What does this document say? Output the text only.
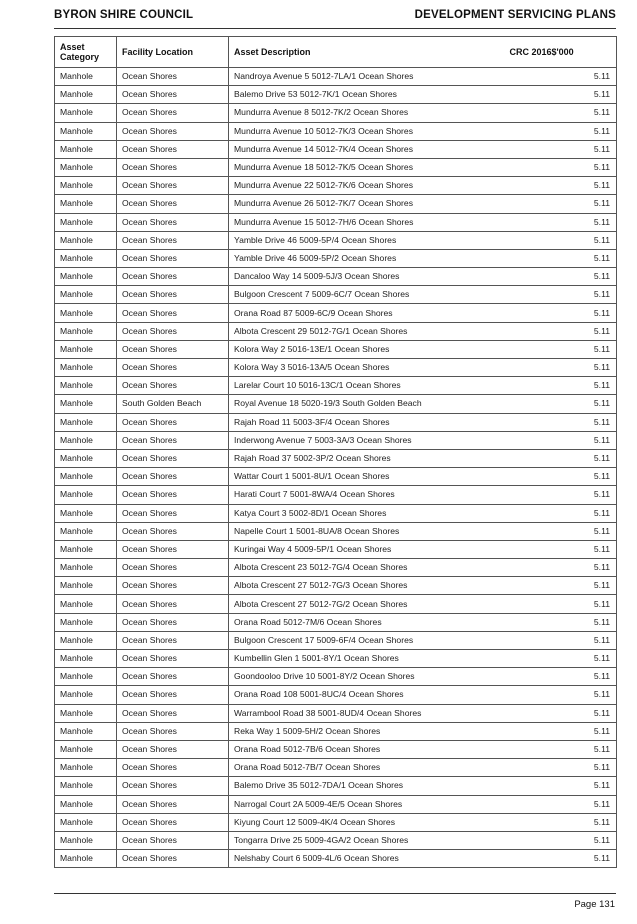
BYRON SHIRE COUNCIL	DEVELOPMENT SERVICING PLANS
Asset
Category	Facility Location	Asset Description	CRC 2016$'000
Manhole	Ocean Shores	Nandroya Avenue 5 5012-7LA/1 Ocean Shores	5.11
Manhole	Ocean Shores	Balemo Drive 53 5012-7K/1 Ocean Shores	5.11
Manhole	Ocean Shores	Mundurra Avenue 8 5012-7K/2 Ocean Shores	5.11
Manhole	Ocean Shores	Mundurra Avenue 10 5012-7K/3 Ocean Shores	5.11
Manhole	Ocean Shores	Mundurra Avenue 14 5012-7K/4 Ocean Shores	5.11
Manhole	Ocean Shores	Mundurra Avenue 18 5012-7K/5 Ocean Shores	5.11
Manhole	Ocean Shores	Mundurra Avenue 22 5012-7K/6 Ocean Shores	5.11
Manhole	Ocean Shores	Mundurra Avenue 26 5012-7K/7 Ocean Shores	5.11
Manhole	Ocean Shores	Mundurra Avenue 15 5012-7H/6 Ocean Shores	5.11
Manhole	Ocean Shores	Yamble Drive 46 5009-5P/4 Ocean Shores	5.11
Manhole	Ocean Shores	Yamble Drive 46 5009-5P/2 Ocean Shores	5.11
Manhole	Ocean Shores	Dancaloo Way 14 5009-5J/3 Ocean Shores	5.11
Manhole	Ocean Shores	Bulgoon Crescent 7 5009-6C/7 Ocean Shores	5.11
Manhole	Ocean Shores	Orana Road 87 5009-6C/9 Ocean Shores	5.11
Manhole	Ocean Shores	Albota Crescent 29 5012-7G/1 Ocean Shores	5.11
Manhole	Ocean Shores	Kolora Way 2 5016-13E/1 Ocean Shores	5.11
Manhole	Ocean Shores	Kolora Way 3 5016-13A/5 Ocean Shores	5.11
Manhole	Ocean Shores	Larelar Court 10 5016-13C/1 Ocean Shores	5.11
Manhole	South Golden Beach	Royal Avenue 18 5020-19/3 South Golden Beach	5.11
Manhole	Ocean Shores	Rajah Road 11 5003-3F/4 Ocean Shores	5.11
Manhole	Ocean Shores	Inderwong Avenue 7 5003-3A/3 Ocean Shores	5.11
Manhole	Ocean Shores	Rajah Road 37 5002-3P/2 Ocean Shores	5.11
Manhole	Ocean Shores	Wattar Court 1 5001-8U/1 Ocean Shores	5.11
Manhole	Ocean Shores	Harati Court 7 5001-8WA/4 Ocean Shores	5.11
Manhole	Ocean Shores	Katya Court 3 5002-8D/1 Ocean Shores	5.11
Manhole	Ocean Shores	Napelle Court 1 5001-8UA/8 Ocean Shores	5.11
Manhole	Ocean Shores	Kuringai Way 4 5009-5P/1 Ocean Shores	5.11
Manhole	Ocean Shores	Albota Crescent 23 5012-7G/4 Ocean Shores	5.11
Manhole	Ocean Shores	Albota Crescent 27 5012-7G/3 Ocean Shores	5.11
Manhole	Ocean Shores	Albota Crescent 27 5012-7G/2 Ocean Shores	5.11
Manhole	Ocean Shores	Orana Road 5012-7M/6 Ocean Shores	5.11
Manhole	Ocean Shores	Bulgoon Crescent 17 5009-6F/4 Ocean Shores	5.11
Manhole	Ocean Shores	Kumbellin Glen 1 5001-8Y/1 Ocean Shores	5.11
Manhole	Ocean Shores	Goondooloo Drive 10 5001-8Y/2 Ocean Shores	5.11
Manhole	Ocean Shores	Orana Road 108 5001-8UC/4 Ocean Shores	5.11
Manhole	Ocean Shores	Warrambool Road 38 5001-8UD/4 Ocean Shores	5.11
Manhole	Ocean Shores	Reka Way 1 5009-5H/2 Ocean Shores	5.11
Manhole	Ocean Shores	Orana Road 5012-7B/6 Ocean Shores	5.11
Manhole	Ocean Shores	Orana Road 5012-7B/7 Ocean Shores	5.11
Manhole	Ocean Shores	Balemo Drive 35 5012-7DA/1 Ocean Shores	5.11
Manhole	Ocean Shores	Narrogal Court 2A 5009-4E/5 Ocean Shores	5.11
Manhole	Ocean Shores	Kiyung Court 12 5009-4K/4 Ocean Shores	5.11
Manhole	Ocean Shores	Tongarra Drive 25 5009-4GA/2 Ocean Shores	5.11
Manhole	Ocean Shores	Nelshaby Court 6 5009-4L/6 Ocean Shores	5.11
Page 131
